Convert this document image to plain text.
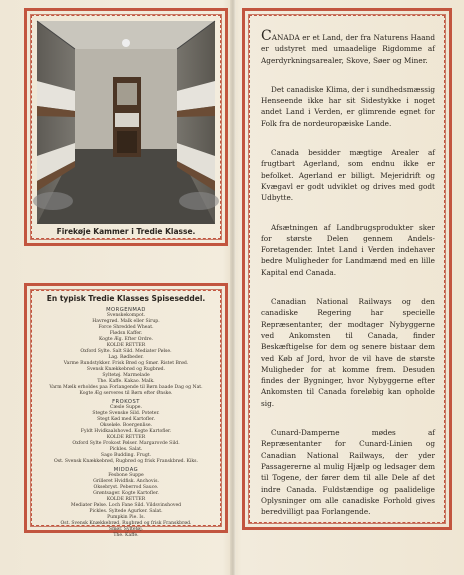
Firekøje Kammer i Tredie Klasse.
En typisk Tredie Klasses Spiseseddel.
MORGENMAD
Svenskekompot.
Havregrød. Malk eller Sirup.
Force Shredded Wheat.
Flødsn Kaffer.
Kogte Æg. Efter Ordre.
KOLDE RETTER
Oxford Sylte. Salt Sild. Mediater Pølse.
Lag. Rødbeder.
Varme Rundstykker. Frisk Brød og Smør. Ristet Brød.
Svensk Knækkebrød og Rugbrød.
Syltetøj. Marmelade
The. Kaffe. Kakao. Malk.
Varm Mælk erholdes paa Forlangende til Børn baade Dag og Nat.
Kogte Æg serveres til Børn efter Ønske.
FROKOST
Cæsle Suppe.
Stegte Svenske Sild. Poteter.
Stegt Kød med Kartofler.
Okseløle. Boergenlise.
Fyldt Hvidkaalshoved. Kogte Kartofler.
KOLDE RETTER
Oxford Sylte Frokost Pølser. Margarovde Sild.
Pickles. Salat.
Sago Budding. Frugt.
Ost. Svensk Knækkebrød, Rugbrød og frisk Franskbrød. Kiks.
MIDDAG
Fesbone Suppe
Grilleret Hvidfisk. Anchovis.
Oksebryst. Peberrod Sauce.
Grøntsager. Kogte Kartofler.
KOLDE RETTER
Mediater Pølse. Loch Fane Sild. Vildsvinshoved
Pickles. Syltede Agurker. Salat.
Pumpkin Pie. Is.
Ost. Svensk Knækkebrød, Rugbrød og frisk Franskbrød.
Smør. Syltetøj.
The. Kaffe.

CANADA er et Land, der fra Naturens Haand er udstyret med umaadelige Rigdomme af Agerdyrkningsarealer, Skove, Søer og Miner.

Det canadiske Klima, der i sundhedsmæssig Henseende ikke har sit Sidestykke i noget andet Land i Verden, er glimrende egnet for Folk fra de nordeuropæiske Lande.

Canada besidder mægtige Arealer af frugtbart Agerland, som endnu ikke er befolket. Agerland er billigt. Mejeridrift og Kvægavl er godt udviklet og drives med godt Udbytte.

Afsætningen af Landbrugsprodukter sker for største Delen gennem Andels-Foretagender. Intet Land i Verden indehaver bedre Muligheder for Landmænd med en lille Kapital end Canada.

Canadian National Railways og den canadiske Regering har specielle Repræsentanter, der modtager Nybyggerne ved Ankomsten til Canada, finder Beskæftigelse for dem og senere bistaar dem ved Køb af Jord, hvor de vil have de største Muligheder for at komme frem. Desuden findes der Bygninger, hvor Nybyggerne efter Ankomsten til Canada foreløbig kan opholde sig.

Cunard-Damperne mødes af Repræsentanter for Cunard-Linien og Canadian National Railways, der yder Passagererne al mulig Hjælp og ledsager dem til Togene, der fører dem til alle Dele af det indre Canada. Fuldstændige og paalidelige Oplysninger om alle canadiske Forhold gives beredvilligt paa Forlangende.
